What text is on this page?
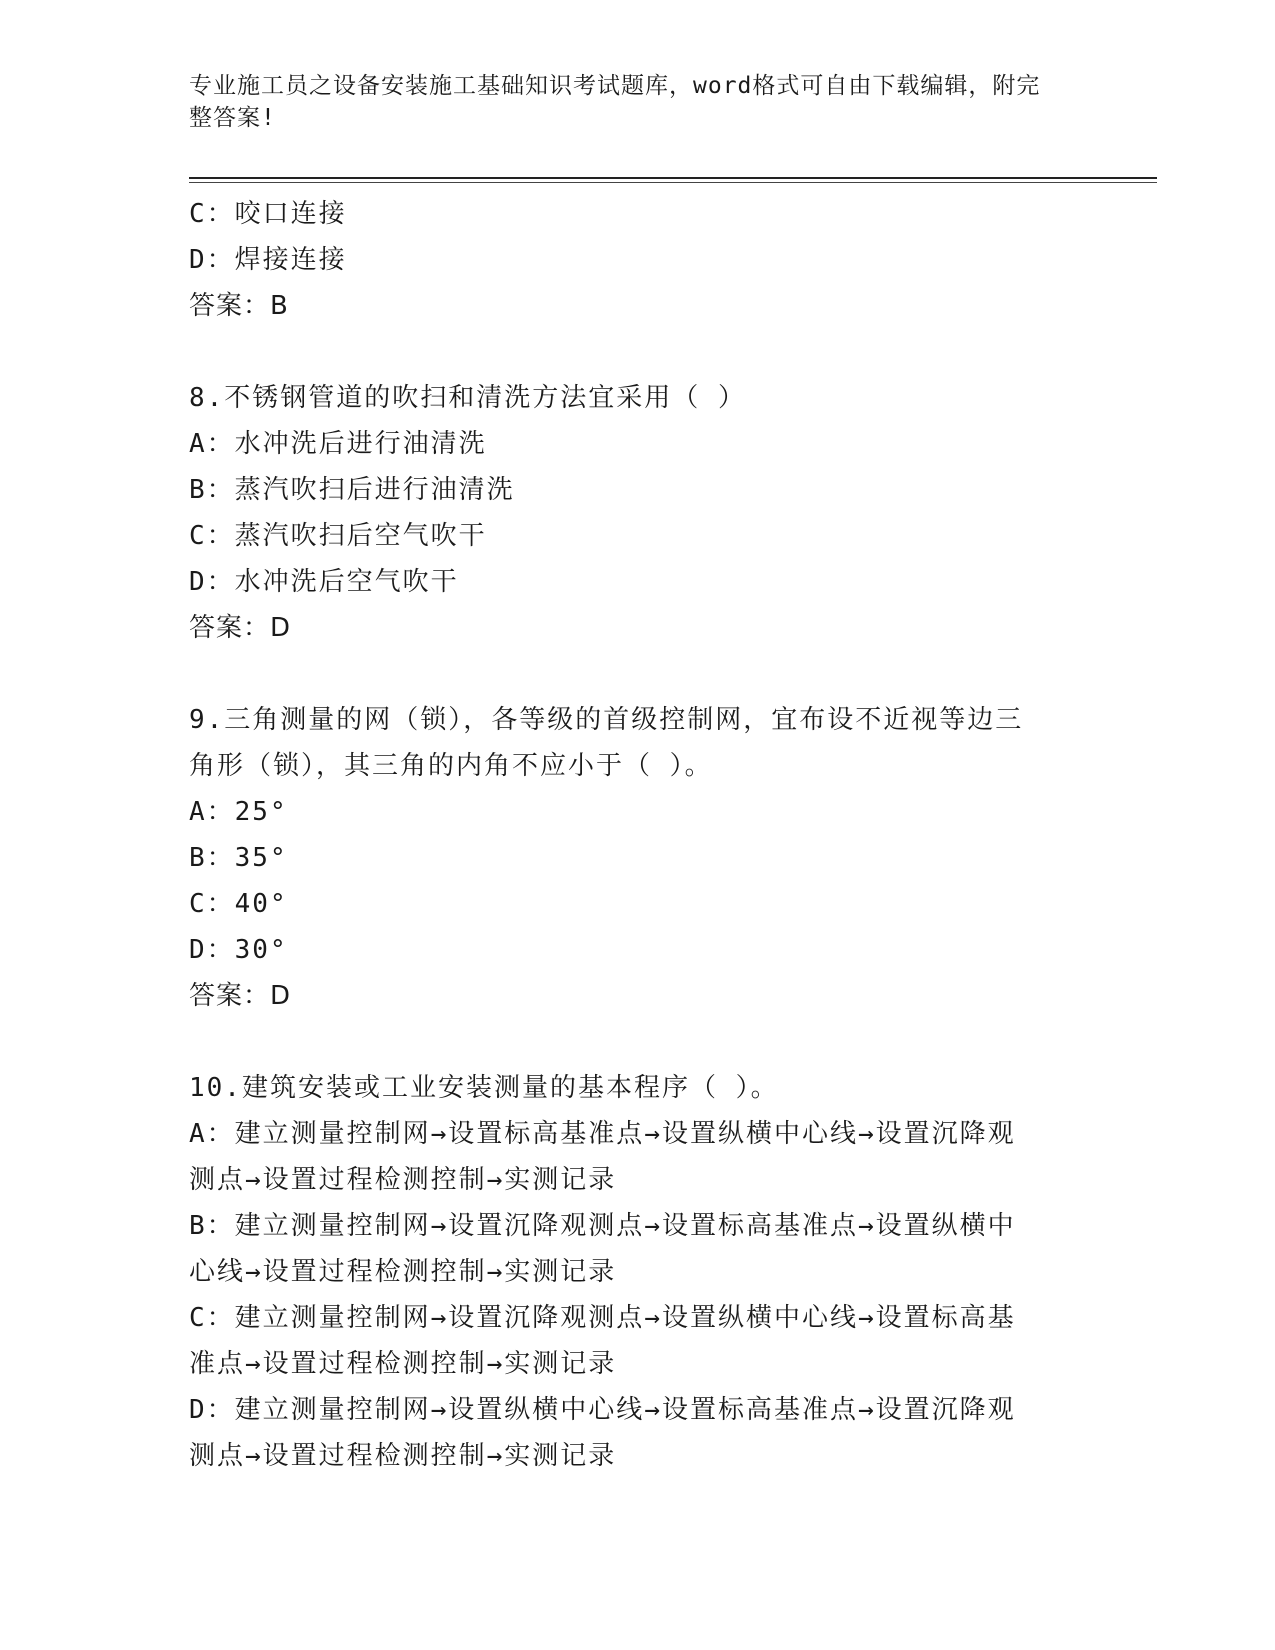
专业施工员之设备安装施工基础知识考试题库，word格式可自由下载编辑，附完
整答案!
C：咬口连接
D：焊接连接
答案：B
8.不锈钢管道的吹扫和清洗方法宜采用（ ）
A：水冲洗后进行油清洗
B：蒸汽吹扫后进行油清洗
C：蒸汽吹扫后空气吹干
D：水冲洗后空气吹干
答案：D
9.三角测量的网（锁），各等级的首级控制网，宜布设不近视等边三
角形（锁），其三角的内角不应小于（ ）。
A：25°
B：35°
C：40°
D：30°
答案：D
10.建筑安装或工业安装测量的基本程序（ ）。
A：建立测量控制网→设置标高基准点→设置纵横中心线→设置沉降观
测点→设置过程检测控制→实测记录
B：建立测量控制网→设置沉降观测点→设置标高基准点→设置纵横中
心线→设置过程检测控制→实测记录
C：建立测量控制网→设置沉降观测点→设置纵横中心线→设置标高基
准点→设置过程检测控制→实测记录
D：建立测量控制网→设置纵横中心线→设置标高基准点→设置沉降观
测点→设置过程检测控制→实测记录
